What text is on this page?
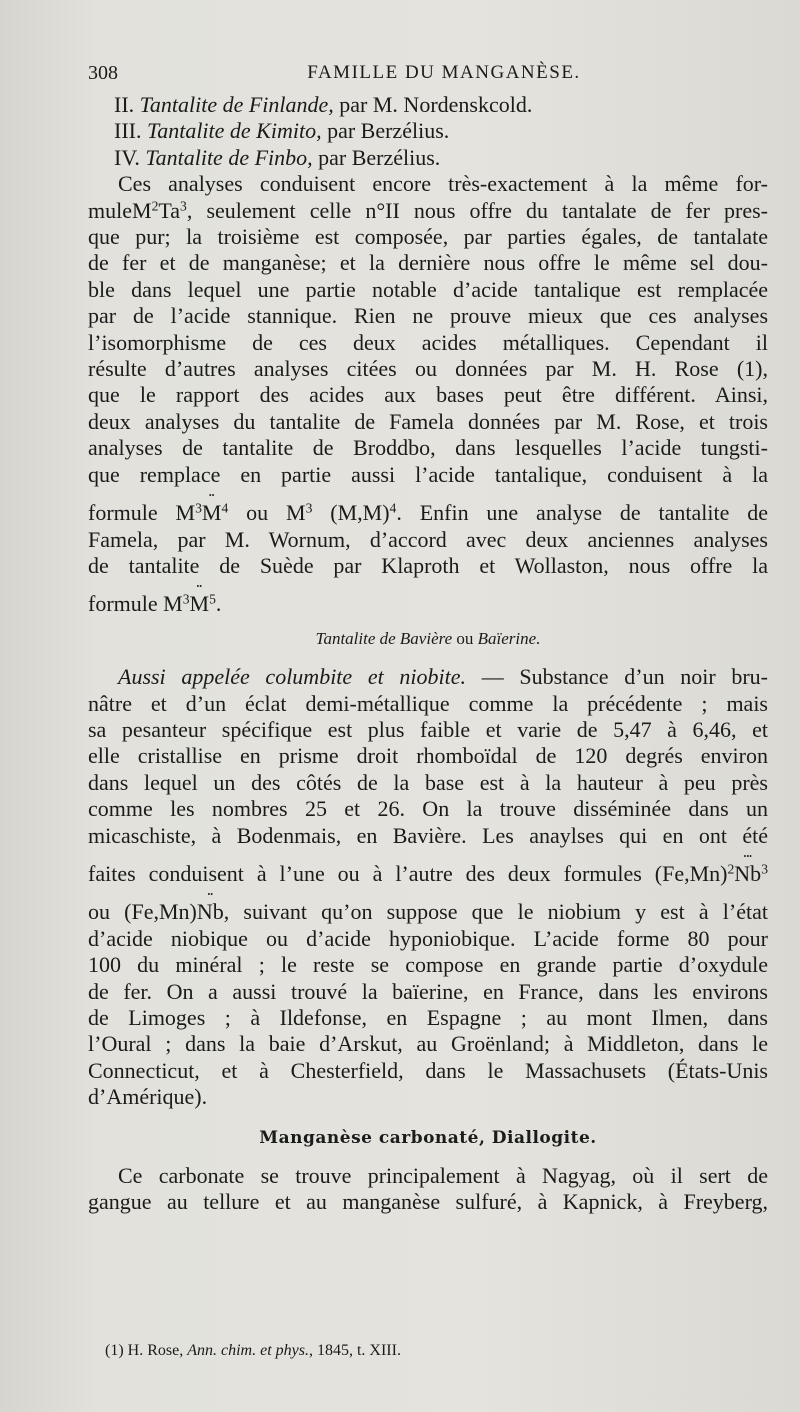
308	FAMILLE DU MANGANÈSE.
II. Tantalite de Finlande, par M. Nordenskcold.
III. Tantalite de Kimito, par Berzélius.
IV. Tantalite de Finbo, par Berzélius.
Ces analyses conduisent encore très-exactement à la même for-
muleM$^2$Ta$^3$, seulement celle n°II nous offre du tantalate de fer pres-
que pur; la troisième est composée, par parties égales, de tantalate
de fer et de manganèse; et la dernière nous offre le même sel dou-
ble dans lequel une partie notable d’acide tantalique est remplacée
par de l’acide stannique. Rien ne prouve mieux que ces analyses
l’isomorphisme de ces deux acides métalliques. Cependant il
résulte d’autres analyses citées ou données par M. H. Rose (1),
que le rapport des acides aux bases peut être différent. Ainsi,
deux analyses du tantalite de Famela données par M. Rose, et trois
analyses de tantalite de Broddbo, dans lesquelles l’acide tungsti-
que remplace en partie aussi l’acide tantalique, conduisent à la
formule $M^3••$ $M^4$ ou $M^3$ $(M,M)^4$. Enfin une analyse de tantalite de
Famela, par M. Wornum, d’accord avec deux anciennes analyses
de tantalite de Suède par Klaproth et Wollaston, nous offre la
formule $M^3••$ $M^5$.
Tantalite de Bavière ou Baïerine.
Aussi appelée columbite et niobite. — Substance d’un noir bru-
nâtre et d’un éclat demi-métallique comme la précédente ; mais
sa pesanteur spécifique est plus faible et varie de 5,47 à 6,46, et
elle cristallise en prisme droit rhomboïdal de 120 degrés environ
dans lequel un des côtés de la base est à la hauteur à peu près
comme les nombres 25 et 26. On la trouve disséminée dans un
micaschiste, à Bodenmais, en Bavière. Les anaylses qui en ont été
faites conduisent à l’une ou à l’autre des deux formules $(Fe,Mn)^2•••$ Nb$^3$
ou (Fe,Mn)•• Nb, suivant qu’on suppose que le niobium y est à l’état
d’acide niobique ou d’acide hyponiobique. L’acide forme 80 pour
100 du minéral ; le reste se compose en grande partie d’oxydule
de fer. On a aussi trouvé la baïerine, en France, dans les environs
de Limoges ; à Ildefonse, en Espagne ; au mont Ilmen, dans
l’Oural ; dans la baie d’Arskut, au Groënland; à Middleton, dans le
Connecticut, et à Chesterfield, dans le Massachusets (États-Unis
d’Amérique).
Manganèse carbonaté, Diallogite.
Ce carbonate se trouve principalement à Nagyag, où il sert de
gangue au tellure et au manganèse sulfuré, à Kapnick, à Freyberg,
(1) H. Rose, Ann. chim. et phys., 1845, t. XIII.
